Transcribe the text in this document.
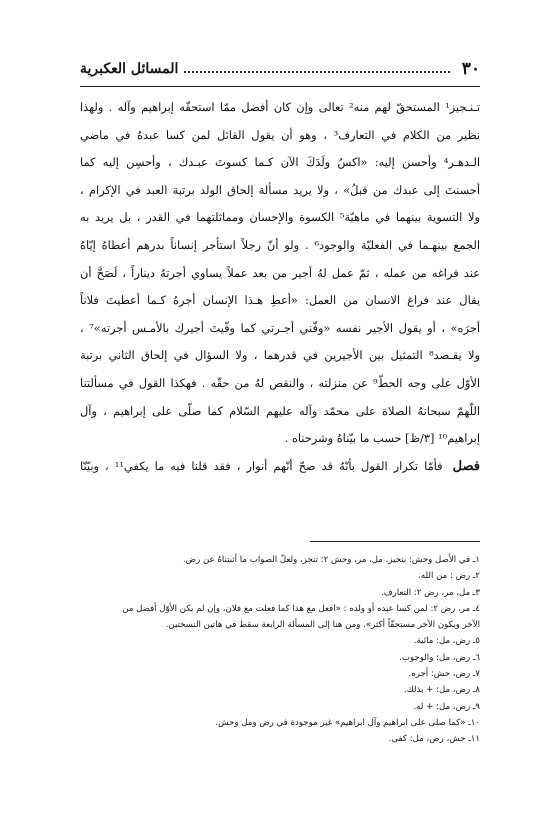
٣٠
المسائل العكبرية
تـنـجيز¹ المستحقّ لهم منه² تعالى وإن كان أفضل ممّا استحقّه إبراهيم وآله . ولهذا
نظير من الكلام في التعارف³ ، وهو أن يقول القائل لمن كسا عبدهُ في ماضي
الـدهـر⁴ وأحسن إليه: «اكسُ ولَدَكَ الآن كـما كسوتَ عبـدك ، وأحسِن إليه كما
أحسنتَ إلى عبدك من قبلُ» ، ولا يريد مسألة إلحاق الولد برتبة العبد في الإكرام ،
ولا التسوية بينهما في ماهيّة⁵ الكسوة والإحسان ومماثلتهما في القدر ، بل يريد به
الجمع بينهـما في الفعليّة والوجود⁶ . ولو أنّ رجلاً استأجر إنساناً بدرهم أعطاهُ إيّاهُ
عند فراغه من عمله ، ثمّ عمل لهُ أجير من بعد عملاً يساوي أجرتهُ ديناراً ، لَصَحَّ أن
يقال عند فراغ الانسان من العمل: «أعطِ هـذا الإنسان أجرهُ كـما أعطيتَ فلاناً
أجرَه» ، أو يقول الأجير نفسه «وفّني أجـرتي كما وفّيتَ أجيرك بالأمـس أجرته»⁷ ،
ولا يقـصد⁸ التمثيل بين الأجيرين في قدرهما ، ولا السؤال في إلحاق الثاني برتبة
الأوّل على وجه الحطّ⁹ عن منزلته ، والنقص لهُ من حقّه . فهكذا القول في مسألتنا
اللّهمّ سبحانهُ الصلاة على محمّد وآله عليهم السّلام كما صلّى على إبراهيم ، وآل
إبراهيم¹⁰ [٣/ظ] حسب ما بيّناهُ وشرحناه .
فصل فأمّا تكرار القول بأنّهُ قد صحّ أنّهم أنوار ، فقد قلنا فيه ما يكفي¹¹ ، وبيّنّا
١ـ في الأصل وحش: بتحيز. مل، مر، وحش ٢: تنجز، ولعلّ الصواب ما أثبتناهُ عن رض.
٢ـ رض : من الله.
٣ـ مل، مر، رض ٢: التعارف.
٤ـ مر، رض ٢: لمن كسا عبده أو ولده : «افعل مع هذا كما فعلت مع فلان، وإن لم يكن الأوّل أفضل من
الآخر ويكون الآخر مستحقّاً أكثر». ومن هنا إلى المسألة الرابعة سقط في هاتين النسختين.
٥ـ رض، مل: مائية.
٦ـ رض، مل: والوجوب.
٧ـ رض، حش: أجره.
٨ـ رض، مل: + بذلك.
٩ـ رض، مل: + له.
١٠ـ «كما صلى على ابراهيم وآل ابراهيم» غير موجودة في رض ومل وحش.
١١ـ حش، رض، مل: كفى.
